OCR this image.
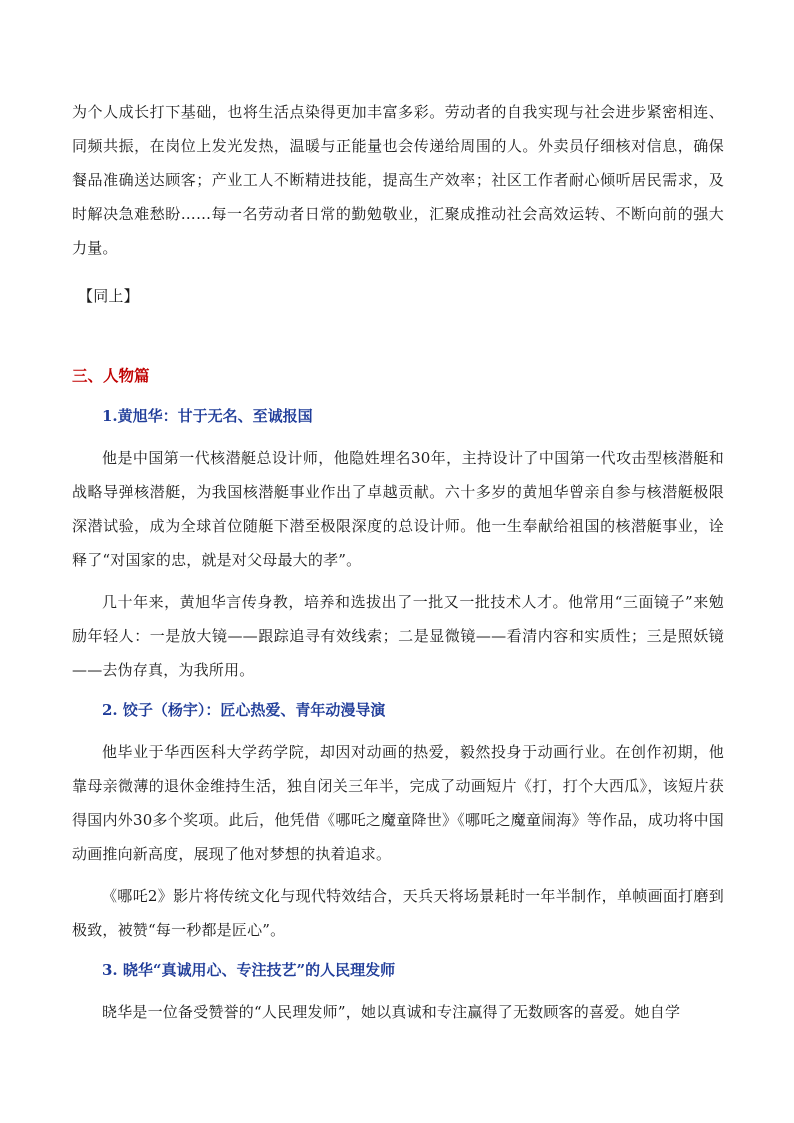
为个人成长打下基础，也将生活点染得更加丰富多彩。劳动者的自我实现与社会进步紧密相连、同频共振，在岗位上发光发热，温暖与正能量也会传递给周围的人。外卖员仔细核对信息，确保餐品准确送达顾客；产业工人不断精进技能，提高生产效率；社区工作者耐心倾听居民需求，及时解决急难愁盼……每一名劳动者日常的勤勉敬业，汇聚成推动社会高效运转、不断向前的强大力量。

【同上】

三、人物篇
1.黄旭华：甘于无名、至诚报国

他是中国第一代核潜艇总设计师，他隐姓埋名30年，主持设计了中国第一代攻击型核潜艇和战略导弹核潜艇，为我国核潜艇事业作出了卓越贡献。六十多岁的黄旭华曾亲自参与核潜艇极限深潜试验，成为全球首位随艇下潜至极限深度的总设计师。他一生奉献给祖国的核潜艇事业，诠释了“对国家的忠，就是对父母最大的孝”。

几十年来，黄旭华言传身教，培养和选拔出了一批又一批技术人才。他常用“三面镜子”来勉励年轻人：一是放大镜——跟踪追寻有效线索；二是显微镜——看清内容和实质性；三是照妖镜——去伪存真，为我所用。

2. 饺子（杨宇）：匠心热爱、青年动漫导演

他毕业于华西医科大学药学院，却因对动画的热爱，毅然投身于动画行业。在创作初期，他靠母亲微薄的退休金维持生活，独自闭关三年半，完成了动画短片《打，打个大西瓜》，该短片获得国内外30多个奖项。此后，他凭借《哪吒之魔童降世》《哪吒之魔童闹海》等作品，成功将中国动画推向新高度，展现了他对梦想的执着追求。

《哪吒2》影片将传统文化与现代特效结合，天兵天将场景耗时一年半制作，单帧画面打磨到极致，被赞“每一秒都是匠心”。

3. 晓华“真诚用心、专注技艺”的人民理发师

晓华是一位备受赞誉的“人民理发师”，她以真诚和专注赢得了无数顾客的喜爱。她自学
